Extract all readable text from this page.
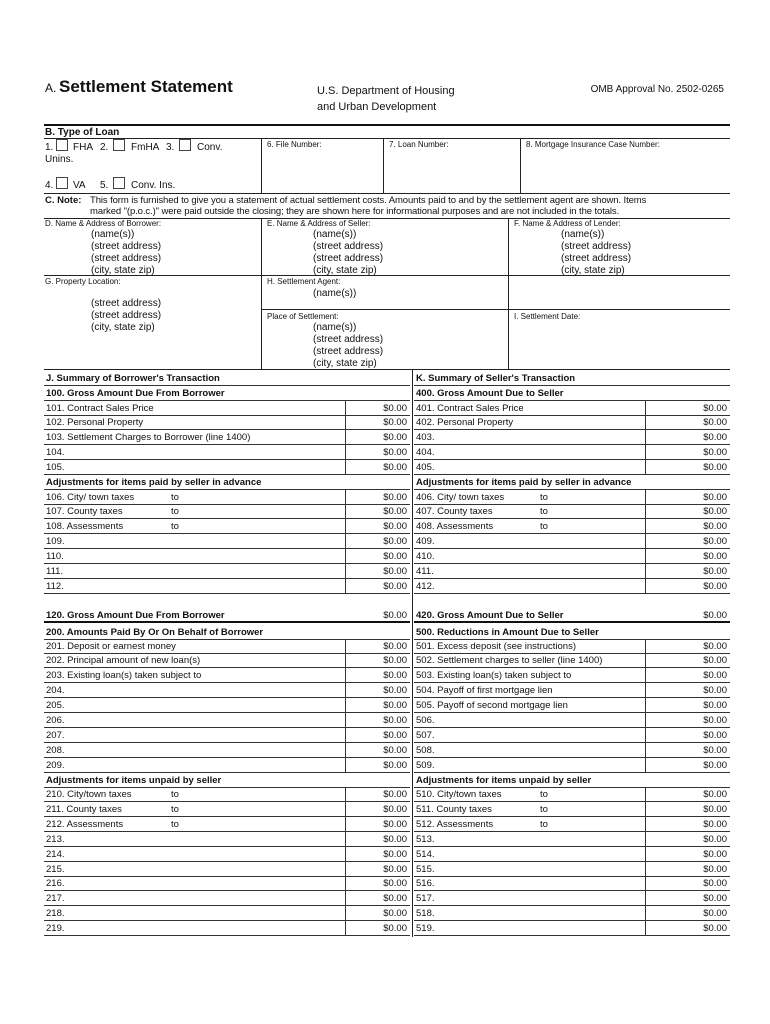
A. Settlement Statement	U.S. Department of Housing
and Urban Development
OMB Approval No. 2502-0265
B. Type of Loan
1. FHA 2. FmHA 3. Conv.
Unins.
4. VA 5. Conv. Ins.
6. File Number:	7. Loan Number:	8. Mortgage Insurance Case Number:
C. Note: This form is furnished to give you a statement of actual settlement costs. Amounts paid to and by the settlement agent are shown. Items
marked "(p.o.c.)" were paid outside the closing; they are shown here for informational purposes and are not included in the totals.
D. Name & Address of Borrower:
(name(s))
(street address)
(street address)
(city, state zip)
E. Name & Address of Seller:
(name(s))
(street address)
(street address)
(city, state zip)
F. Name & Address of Lender:
(name(s))
(street address)
(street address)
(city, state zip)
G. Property Location:
(street address)
(street address)
(city, state zip)
H. Settlement Agent:
(name(s))
Place of Settlement:
(name(s))
(street address)
(street address)
(city, state zip)
I. Settlement Date:
J. Summary of Borrower's Transaction
100. Gross Amount Due From Borrower
101. Contract Sales Price	$0.00
102. Personal Property	$0.00
103. Settlement Charges to Borrower (line 1400)	$0.00
104.	$0.00
105.	$0.00
Adjustments for items paid by seller in advance
106. City/ town taxes	to	$0.00
107. County taxes	to	$0.00
108. Assessments	to	$0.00
109.	$0.00
110.	$0.00
111.	$0.00
112.	$0.00
120. Gross Amount Due From Borrower	$0.00
200. Amounts Paid By Or On Behalf of Borrower
201. Deposit or earnest money	$0.00
202. Principal amount of new loan(s)	$0.00
203. Existing loan(s) taken subject to	$0.00
204.	$0.00
205.	$0.00
206.	$0.00
207.	$0.00
208.	$0.00
209.	$0.00
Adjustments for items unpaid by seller
210. City/town taxes	to	$0.00
211. County taxes	to	$0.00
212. Assessments	to	$0.00
213.	$0.00
214.	$0.00
215.	$0.00
216.	$0.00
217.	$0.00
218.	$0.00
219.	$0.00
K. Summary of Seller's Transaction
400. Gross Amount Due to Seller
401. Contract Sales Price	$0.00
402. Personal Property	$0.00
403.	$0.00
404.	$0.00
405.	$0.00
Adjustments for items paid by seller in advance
406. City/ town taxes	to	$0.00
407. County taxes	to	$0.00
408. Assessments	to	$0.00
409.	$0.00
410.	$0.00
411.	$0.00
412.	$0.00
420. Gross Amount Due to Seller	$0.00
500. Reductions in Amount Due to Seller
501. Excess deposit (see instructions)	$0.00
502. Settlement charges to seller (line 1400)	$0.00
503. Existing loan(s) taken subject to	$0.00
504. Payoff of first mortgage lien	$0.00
505. Payoff of second mortgage lien	$0.00
506.	$0.00
507.	$0.00
508.	$0.00
509.	$0.00
Adjustments for items unpaid by seller
510. City/town taxes	to	$0.00
511. County taxes	to	$0.00
512. Assessments	to	$0.00
513.	$0.00
514.	$0.00
515.	$0.00
516.	$0.00
517.	$0.00
518.	$0.00
519.	$0.00
